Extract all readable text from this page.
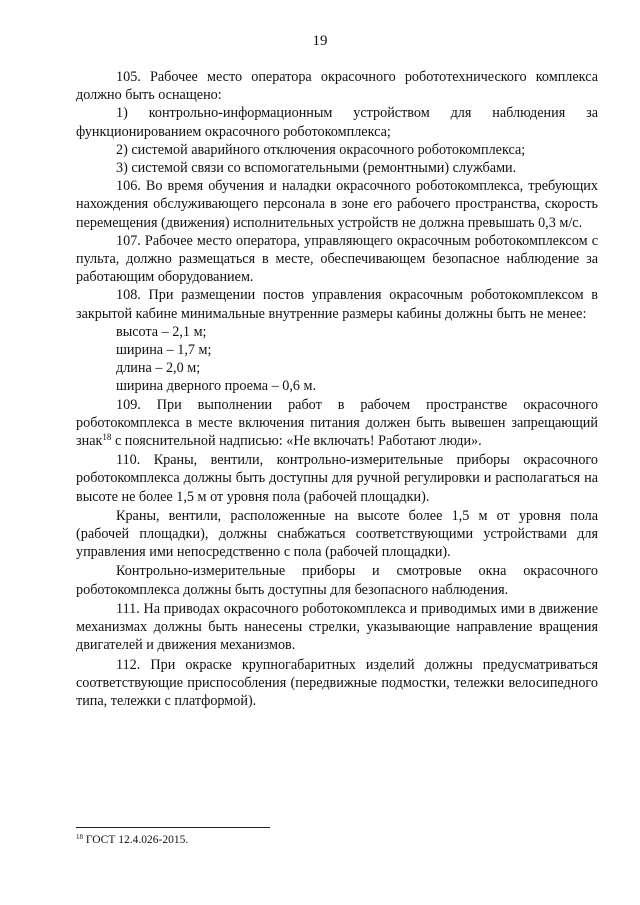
19

105. Рабочее место оператора окрасочного робототехнического комплекса должно быть оснащено:

1) контрольно-информационным устройством для наблюдения за функционированием окрасочного роботокомплекса;

2) системой аварийного отключения окрасочного роботокомплекса;

3) системой связи со вспомогательными (ремонтными) службами.

106. Во время обучения и наладки окрасочного роботокомплекса, требующих нахождения обслуживающего персонала в зоне его рабочего пространства, скорость перемещения (движения) исполнительных устройств не должна превышать 0,3 м/с.

107. Рабочее место оператора, управляющего окрасочным роботокомплексом с пульта, должно размещаться в месте, обеспечивающем безопасное наблюдение за работающим оборудованием.

108. При размещении постов управления окрасочным роботокомплексом в закрытой кабине минимальные внутренние размеры кабины должны быть не менее:

высота – 2,1 м;

ширина – 1,7 м;

длина – 2,0 м;

ширина дверного проема – 0,6 м.

109. При выполнении работ в рабочем пространстве окрасочного роботокомплекса в месте включения питания должен быть вывешен запрещающий знак$^{18}$ с пояснительной надписью: «Не включать! Работают люди».

110. Краны, вентили, контрольно-измерительные приборы окрасочного роботокомплекса должны быть доступны для ручной регулировки и располагаться на высоте не более 1,5 м от уровня пола (рабочей площадки).

Краны, вентили, расположенные на высоте более 1,5 м от уровня пола (рабочей площадки), должны снабжаться соответствующими устройствами для управления ими непосредственно с пола (рабочей площадки).

Контрольно-измерительные приборы и смотровые окна окрасочного роботокомплекса должны быть доступны для безопасного наблюдения.

111. На приводах окрасочного роботокомплекса и приводимых ими в движение механизмах должны быть нанесены стрелки, указывающие направление вращения двигателей и движения механизмов.

112. При окраске крупногабаритных изделий должны предусматриваться соответствующие приспособления (передвижные подмостки, тележки велосипедного типа, тележки с платформой).

$^{18}$ ГОСТ 12.4.026-2015.
